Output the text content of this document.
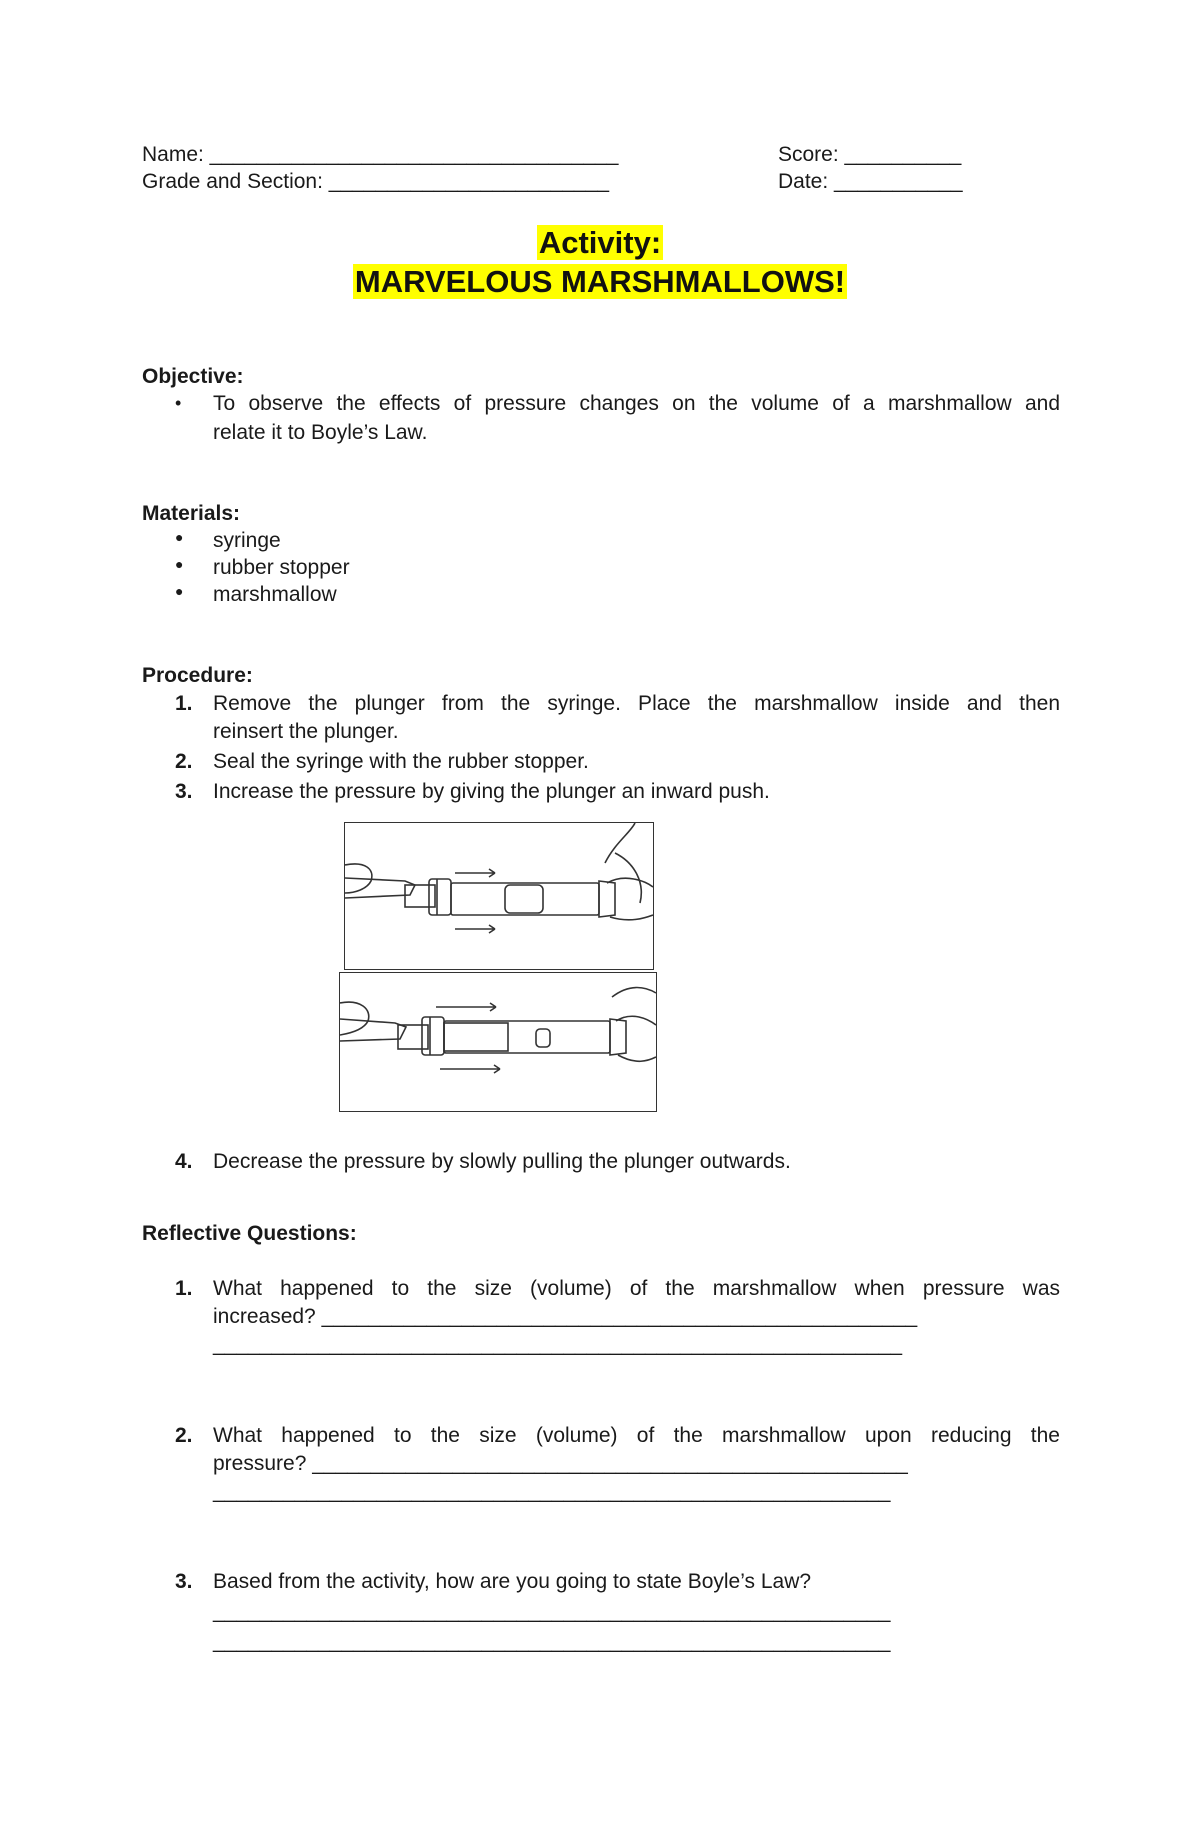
Name: ___________________________________	Score: __________
Grade and Section: ________________________	Date: ___________
Activity:
MARVELOUS MARSHMALLOWS!
Objective:
• To observe the effects of pressure changes on the volume of a marshmallow and
relate it to Boyle’s Law.
Materials:
● syringe
● rubber stopper
● marshmallow
Procedure:
1. Remove the plunger from the syringe. Place the marshmallow inside and then
reinsert the plunger.
2. Seal the syringe with the rubber stopper.
3. Increase the pressure by giving the plunger an inward push.
4. Decrease the pressure by slowly pulling the plunger outwards.
Reflective Questions:
1. What happened to the size (volume) of the marshmallow when pressure was
increased? ___________________________________________________
___________________________________________________________
2. What happened to the size (volume) of the marshmallow upon reducing the
pressure? ___________________________________________________
__________________________________________________________
3. Based from the activity, how are you going to state Boyle’s Law?
__________________________________________________________
__________________________________________________________
